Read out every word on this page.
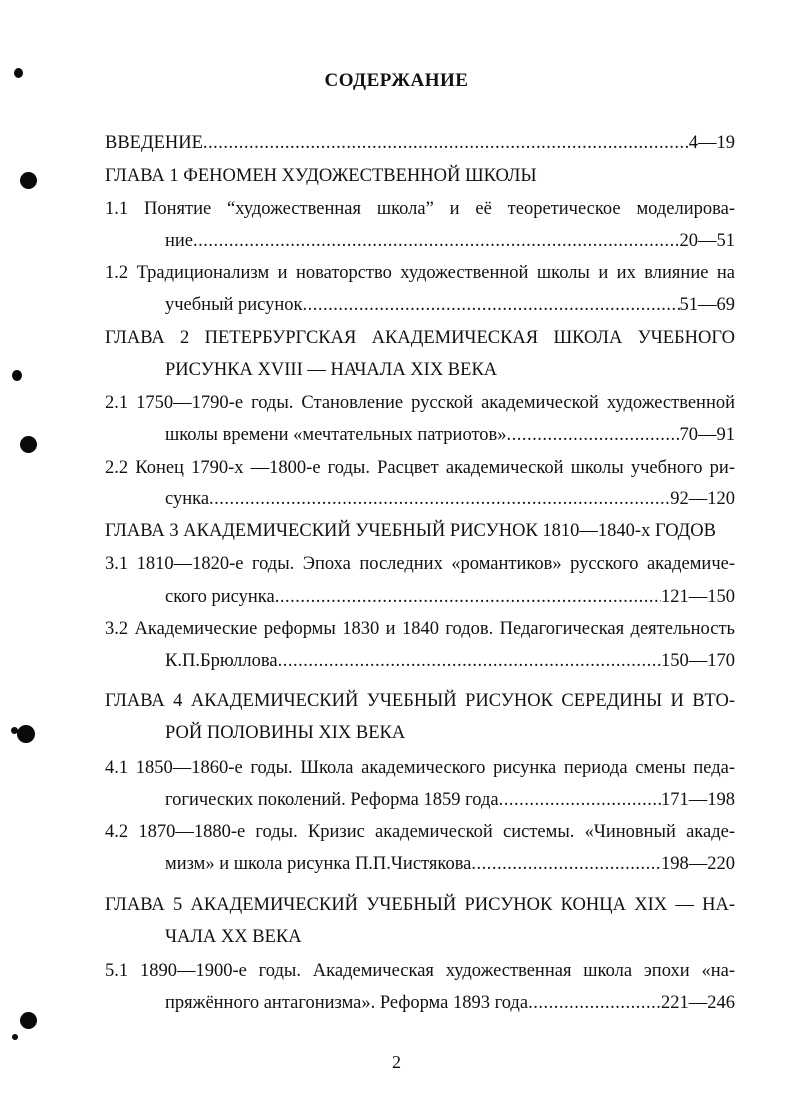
СОДЕРЖАНИЕ
ВВЕДЕНИЕ .....	4—19
ГЛАВА 1 ФЕНОМЕН ХУДОЖЕСТВЕННОЙ ШКОЛЫ
1.1 Понятие “художественная школа” и её теоретическое моделирова-
ние .....	20—51
1.2 Традиционализм и новаторство художественной школы и их влияние на
учебный рисунок .....	51—69
ГЛАВА 2 ПЕТЕРБУРГСКАЯ АКАДЕМИЧЕСКАЯ ШКОЛА УЧЕБНОГО
РИСУНКА XVIII — НАЧАЛА XIX ВЕКА
2.1 1750—1790-е годы. Становление русской академической художественной
школы времени «мечтательных патриотов» .....	70—91
2.2 Конец 1790-х —1800-е годы. Расцвет академической школы учебного ри-
сунка .....	92—120
ГЛАВА 3 АКАДЕМИЧЕСКИЙ УЧЕБНЫЙ РИСУНОК 1810—1840-х ГОДОВ
3.1 1810—1820-е годы. Эпоха последних «романтиков» русского академиче-
ского рисунка .....	121—150
3.2 Академические реформы 1830 и 1840 годов. Педагогическая деятельность
К.П.Брюллова .....	150—170
ГЛАВА 4 АКАДЕМИЧЕСКИЙ УЧЕБНЫЙ РИСУНОК СЕРЕДИНЫ И ВТО-
РОЙ ПОЛОВИНЫ XIX ВЕКА
4.1 1850—1860-е годы. Школа академического рисунка периода смены педа-
гогических поколений. Реформа 1859 года .....	171—198
4.2 1870—1880-е годы. Кризис академической системы. «Чиновный акаде-
мизм» и школа рисунка П.П.Чистякова .....	198—220
ГЛАВА 5 АКАДЕМИЧЕСКИЙ УЧЕБНЫЙ РИСУНОК КОНЦА XIX — НА-
ЧАЛА XX ВЕКА
5.1 1890—1900-е годы. Академическая художественная школа эпохи «на-
пряжённого антагонизма». Реформа 1893 года .....	221—246
2
